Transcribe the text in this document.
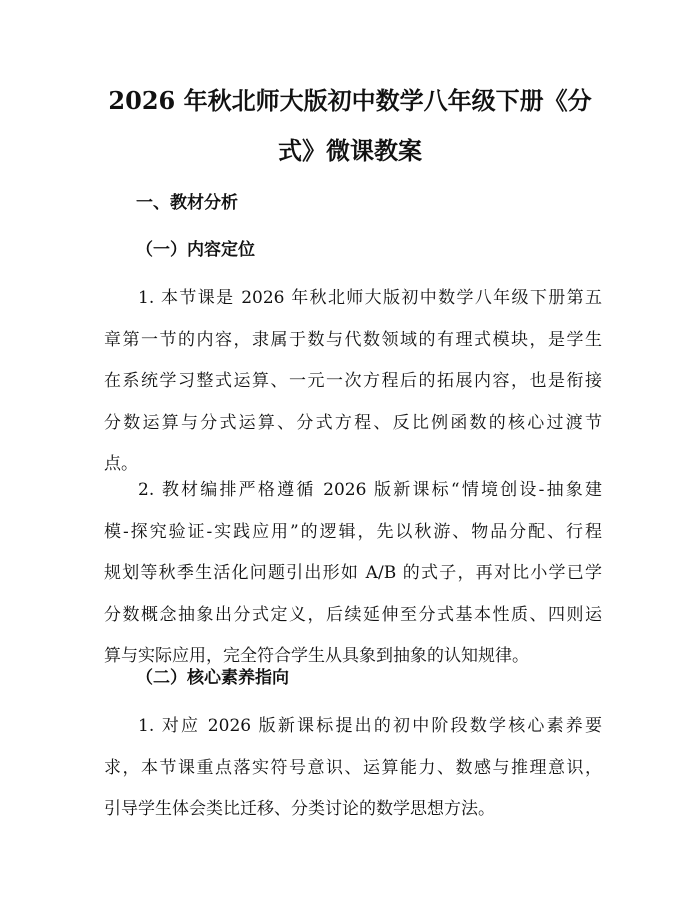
2026 年秋北师大版初中数学八年级下册《分
式》微课教案
一、教材分析
（一）内容定位
1. 本节课是 2026 年秋北师大版初中数学八年级下册第五
章第一节的内容，隶属于数与代数领域的有理式模块，是学生
在系统学习整式运算、一元一次方程后的拓展内容，也是衔接
分数运算与分式运算、分式方程、反比例函数的核心过渡节
点。
2. 教材编排严格遵循 2026 版新课标“情境创设-抽象建
模-探究验证-实践应用”的逻辑，先以秋游、物品分配、行程
规划等秋季生活化问题引出形如 A/B 的式子，再对比小学已学
分数概念抽象出分式定义，后续延伸至分式基本性质、四则运
算与实际应用，完全符合学生从具象到抽象的认知规律。
（二）核心素养指向
1. 对应 2026 版新课标提出的初中阶段数学核心素养要
求，本节课重点落实符号意识、运算能力、数感与推理意识，
引导学生体会类比迁移、分类讨论的数学思想方法。
